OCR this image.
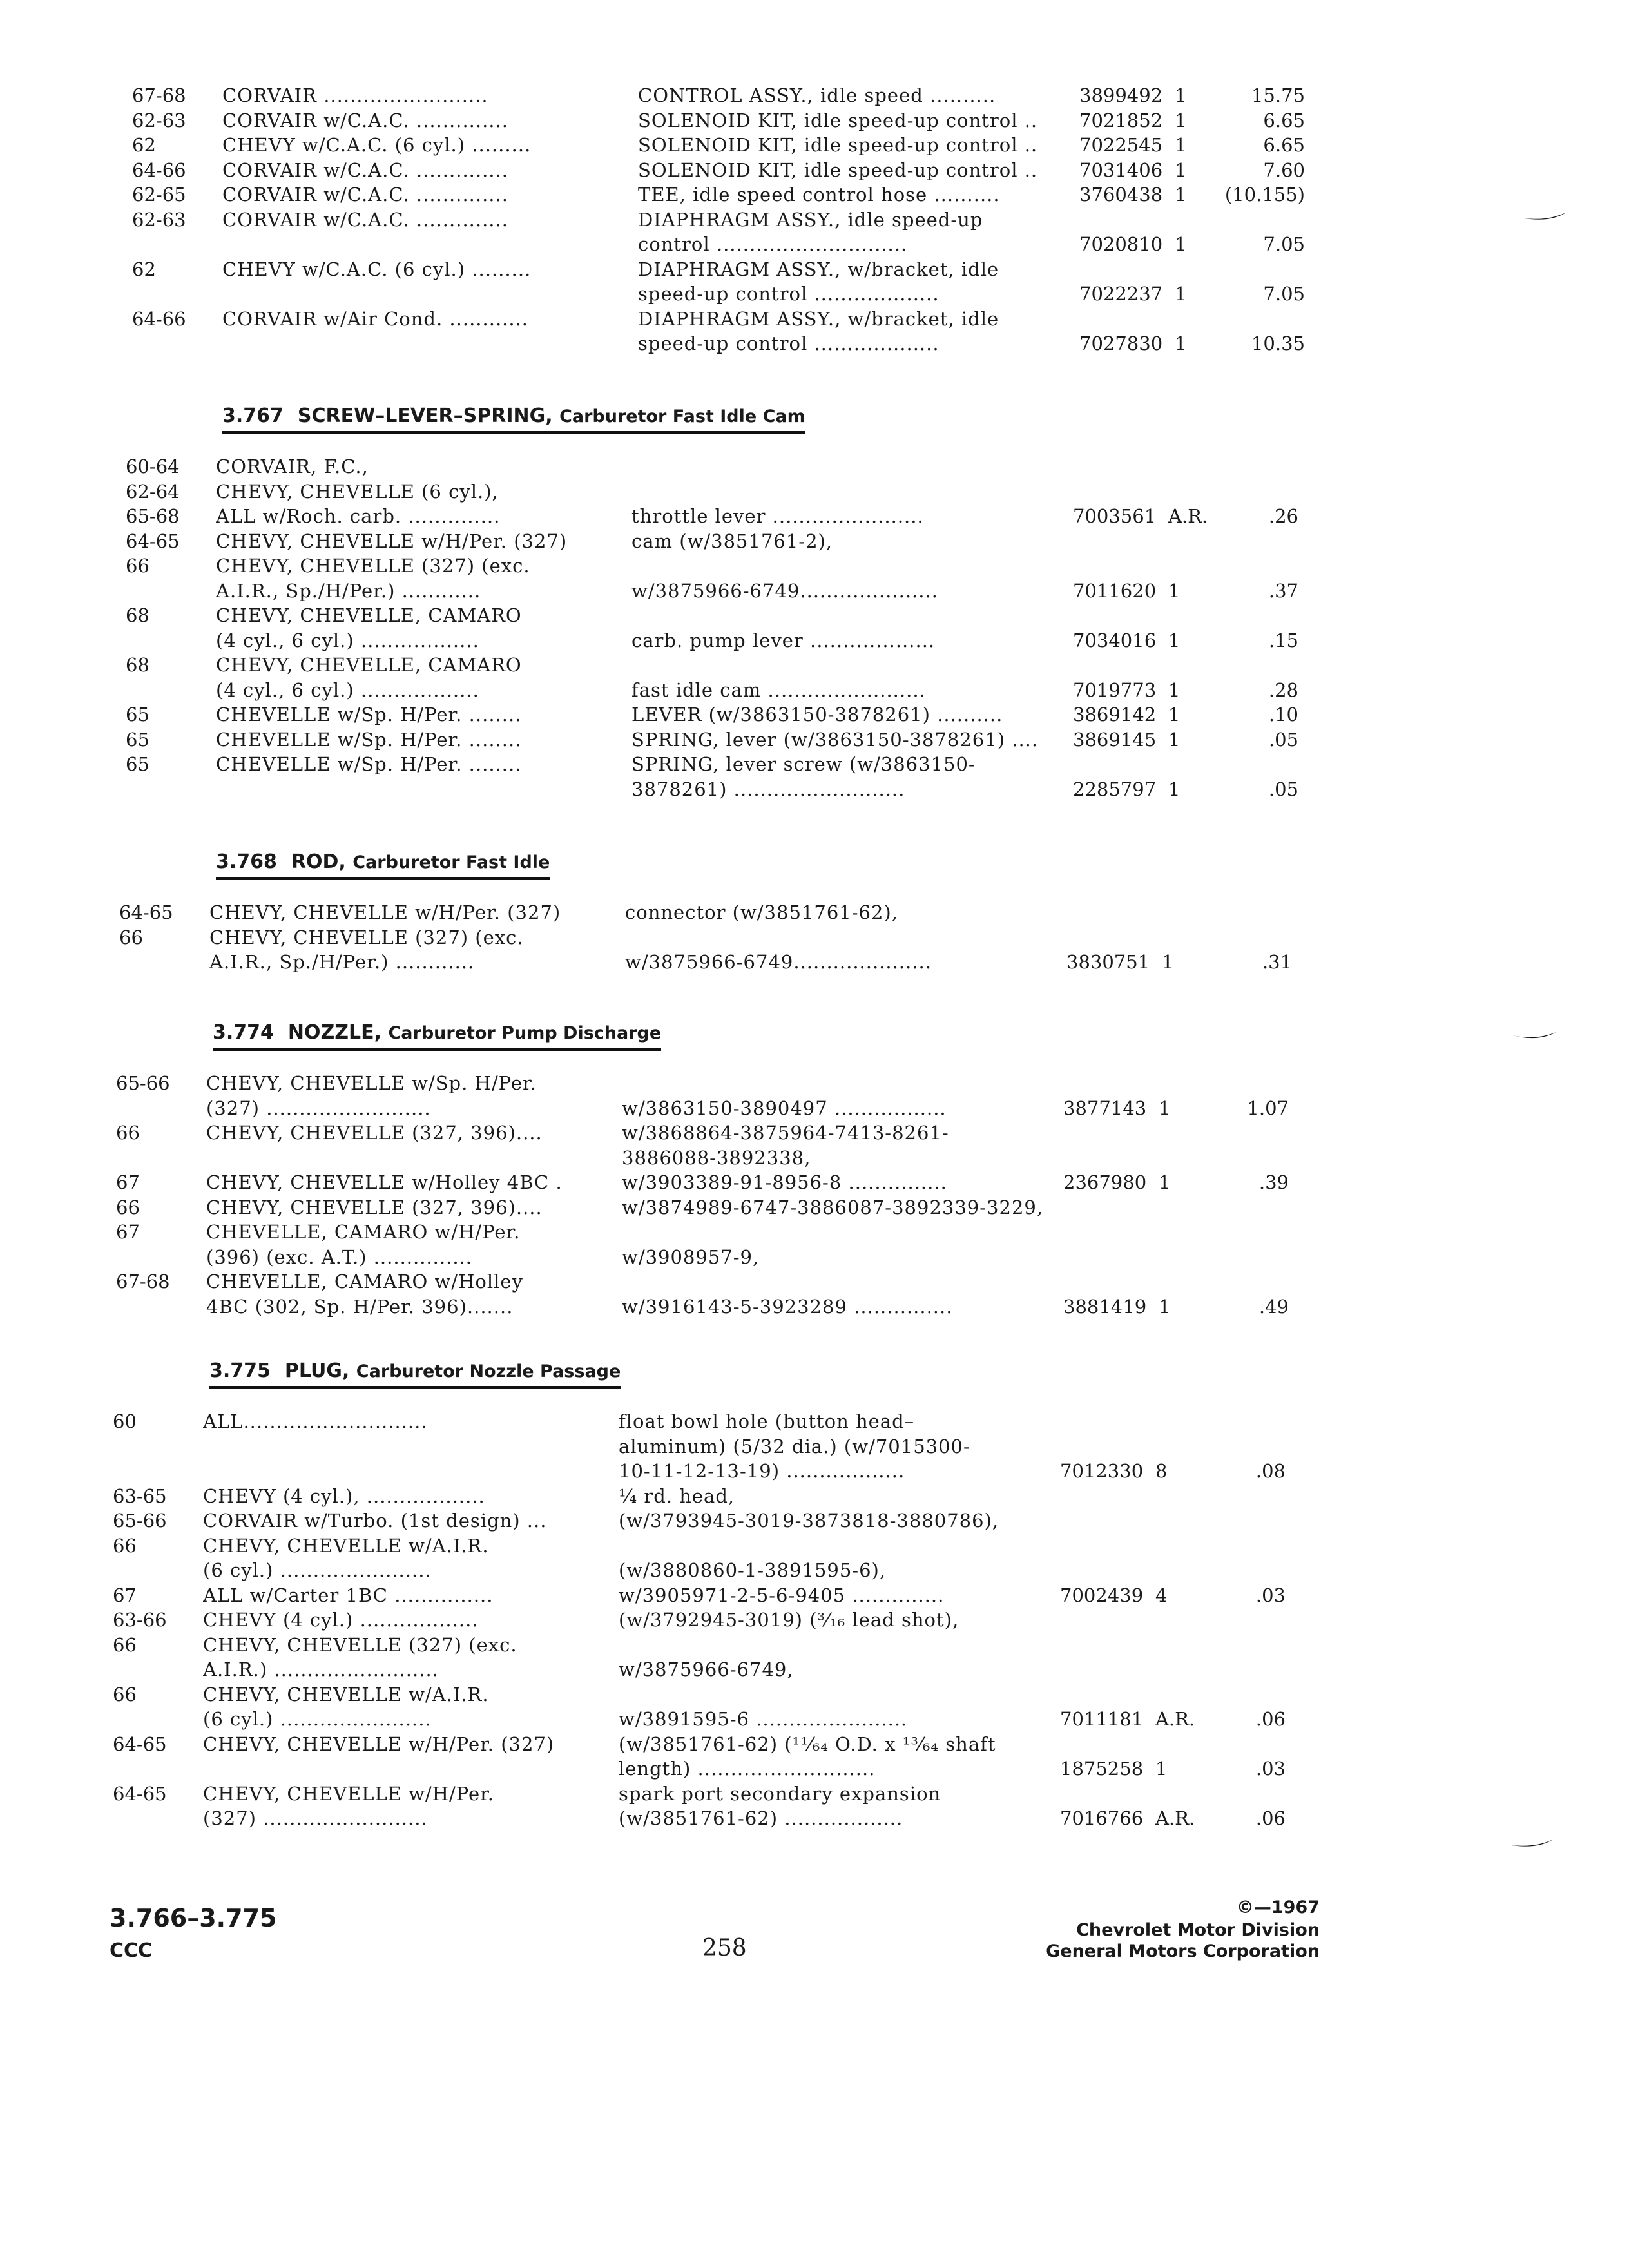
67-68 CORVAIR .........................	CONTROL ASSY., idle speed ..........	3899492 1	15.75
62-63 CORVAIR w/C.A.C. ..............	SOLENOID KIT, idle speed-up control ..	7021852 1	6.65
62	CHEVY w/C.A.C. (6 cyl.) .........	SOLENOID KIT, idle speed-up control ..	7022545 1	6.65
64-66 CORVAIR w/C.A.C. ..............	SOLENOID KIT, idle speed-up control ..	7031406 1	7.60
62-65 CORVAIR w/C.A.C. ..............	TEE, idle speed control hose ..........	3760438 1 (10.155)
62-63 CORVAIR w/C.A.C. ..............	DIAPHRAGM ASSY., idle speed-up
control .............................	7020810 1	7.05
62	CHEVY w/C.A.C. (6 cyl.) .........	DIAPHRAGM ASSY., w/bracket, idle
speed-up control ...................	7022237 1	7.05
64-66 CORVAIR w/Air Cond. ............	DIAPHRAGM ASSY., w/bracket, idle
speed-up control ...................	7027830 1	10.35
3.767 SCREW–LEVER–SPRING, Carburetor Fast Idle Cam
60-64 CORVAIR, F.C.,
62-64 CHEVY, CHEVELLE (6 cyl.),
65-68 ALL w/Roch. carb. ..............	throttle lever .......................	7003561 A.R.	.26
64-65 CHEVY, CHEVELLE w/H/Per. (327)	cam (w/3851761-2),
66	CHEVY, CHEVELLE (327) (exc.
A.I.R., Sp./H/Per.) ............	w/3875966-6749.....................	7011620 1	.37
68	CHEVY, CHEVELLE, CAMARO
(4 cyl., 6 cyl.) ..................	carb. pump lever ...................	7034016 1	.15
68	CHEVY, CHEVELLE, CAMARO
(4 cyl., 6 cyl.) ..................	fast idle cam ........................	7019773 1	.28
65	CHEVELLE w/Sp. H/Per. ........	LEVER (w/3863150-3878261) ..........	3869142 1	.10
65	CHEVELLE w/Sp. H/Per. ........	SPRING, lever (w/3863150-3878261) ....	3869145 1	.05
65	CHEVELLE w/Sp. H/Per. ........	SPRING, lever screw (w/3863150-
3878261) ..........................	2285797 1	.05
3.768 ROD, Carburetor Fast Idle
64-65 CHEVY, CHEVELLE w/H/Per. (327)	connector (w/3851761-62),
66	CHEVY, CHEVELLE (327) (exc.
A.I.R., Sp./H/Per.) ............	w/3875966-6749.....................	3830751 1	.31
3.774 NOZZLE, Carburetor Pump Discharge
65-66 CHEVY, CHEVELLE w/Sp. H/Per.
(327) .........................	w/3863150-3890497 .................	3877143 1	1.07
66	CHEVY, CHEVELLE (327, 396)....	w/3868864-3875964-7413-8261-
3886088-3892338,
67	CHEVY, CHEVELLE w/Holley 4BC .	w/3903389-91-8956-8 ...............	2367980 1	.39
66	CHEVY, CHEVELLE (327, 396)....	w/3874989-6747-3886087-3892339-3229,
67	CHEVELLE, CAMARO w/H/Per.
(396) (exc. A.T.) ...............	w/3908957-9,
67-68 CHEVELLE, CAMARO w/Holley
4BC (302, Sp. H/Per. 396).......	w/3916143-5-3923289 ...............	3881419 1	.49
3.775 PLUG, Carburetor Nozzle Passage
60	ALL............................	float bowl hole (button head–
aluminum) (5/32 dia.) (w/7015300-
10-11-12-13-19) ..................	7012330 8	.08
63-65 CHEVY (4 cyl.), ..................	¼ rd. head,
65-66 CORVAIR w/Turbo. (1st design) ...	(w/3793945-3019-3873818-3880786),
66	CHEVY, CHEVELLE w/A.I.R.
(6 cyl.) .......................	(w/3880860-1-3891595-6),
67	ALL w/Carter 1BC ...............	w/3905971-2-5-6-9405 ..............	7002439 4	.03
63-66 CHEVY (4 cyl.) ..................	(w/3792945-3019) (³⁄₁₆ lead shot),
66	CHEVY, CHEVELLE (327) (exc.
A.I.R.) .........................	w/3875966-6749,
66	CHEVY, CHEVELLE w/A.I.R.
(6 cyl.) .......................	w/3891595-6 .......................	7011181 A.R.	.06
64-65 CHEVY, CHEVELLE w/H/Per. (327)	(w/3851761-62) (¹¹⁄₆₄ O.D. x ¹³⁄₆₄ shaft
length) ...........................	1875258 1	.03
64-65 CHEVY, CHEVELLE w/H/Per.	spark port secondary expansion
(327) .........................	(w/3851761-62) ..................	7016766 A.R.	.06
3.766–3.775
CCC	258
©—1967
Chevrolet Motor Division
General Motors Corporation
